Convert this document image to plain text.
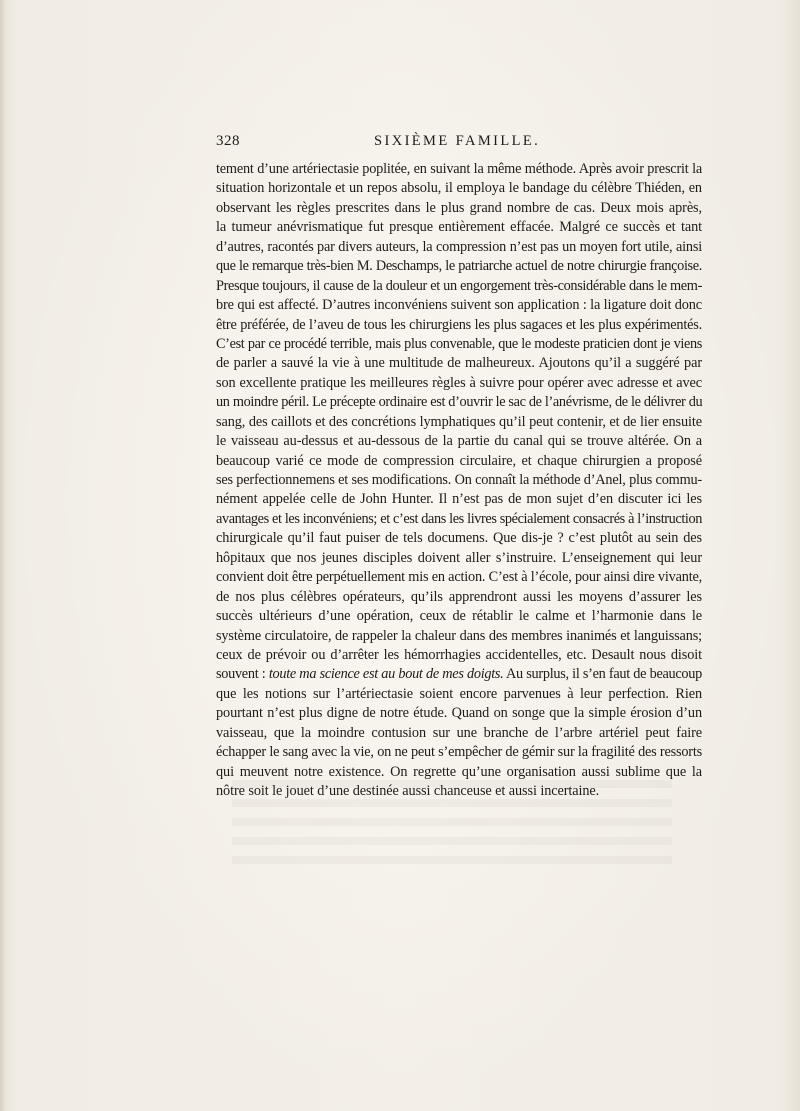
328	SIXIÈME FAMILLE.
tement d’une artériectasie poplitée, en suivant la même méthode. Après avoir prescrit la
situation horizontale et un repos absolu, il employa le bandage du célèbre Thiéden, en
observant les règles prescrites dans le plus grand nombre de cas. Deux mois après,
la tumeur anévrismatique fut presque entièrement effacée. Malgré ce succès et tant
d’autres, racontés par divers auteurs, la compression n’est pas un moyen fort utile, ainsi
que le remarque très-bien M. Deschamps, le patriarche actuel de notre chirurgie françoise.
Presque toujours, il cause de la douleur et un engorgement très-considérable dans le mem-
bre qui est affecté. D’autres inconvéniens suivent son application : la ligature doit donc
être préférée, de l’aveu de tous les chirurgiens les plus sagaces et les plus expérimentés.
C’est par ce procédé terrible, mais plus convenable, que le modeste praticien dont je viens
de parler a sauvé la vie à une multitude de malheureux. Ajoutons qu’il a suggéré par
son excellente pratique les meilleures règles à suivre pour opérer avec adresse et avec
un moindre péril. Le précepte ordinaire est d’ouvrir le sac de l’anévrisme, de le délivrer du
sang, des caillots et des concrétions lymphatiques qu’il peut contenir, et de lier ensuite
le vaisseau au-dessus et au-dessous de la partie du canal qui se trouve altérée. On a
beaucoup varié ce mode de compression circulaire, et chaque chirurgien a proposé
ses perfectionnemens et ses modifications. On connaît la méthode d’Anel, plus commu-
nément appelée celle de John Hunter. Il n’est pas de mon sujet d’en discuter ici les
avantages et les inconvéniens; et c’est dans les livres spécialement consacrés à l’instruction
chirurgicale qu’il faut puiser de tels documens. Que dis-je ? c’est plutôt au sein des
hôpitaux que nos jeunes disciples doivent aller s’instruire. L’enseignement qui leur
convient doit être perpétuellement mis en action. C’est à l’école, pour ainsi dire vivante,
de nos plus célèbres opérateurs, qu’ils apprendront aussi les moyens d’assurer les
succès ultérieurs d’une opération, ceux de rétablir le calme et l’harmonie dans le
système circulatoire, de rappeler la chaleur dans des membres inanimés et languissans;
ceux de prévoir ou d’arrêter les hémorrhagies accidentelles, etc. Desault nous disoit
souvent : toute ma science est au bout de mes doigts. Au surplus, il s’en faut de beaucoup
que les notions sur l’artériectasie soient encore parvenues à leur perfection. Rien
pourtant n’est plus digne de notre étude. Quand on songe que la simple érosion d’un
vaisseau, que la moindre contusion sur une branche de l’arbre artériel peut faire
échapper le sang avec la vie, on ne peut s’empêcher de gémir sur la fragilité des ressorts
qui meuvent notre existence. On regrette qu’une organisation aussi sublime que la
nôtre soit le jouet d’une destinée aussi chanceuse et aussi incertaine.
